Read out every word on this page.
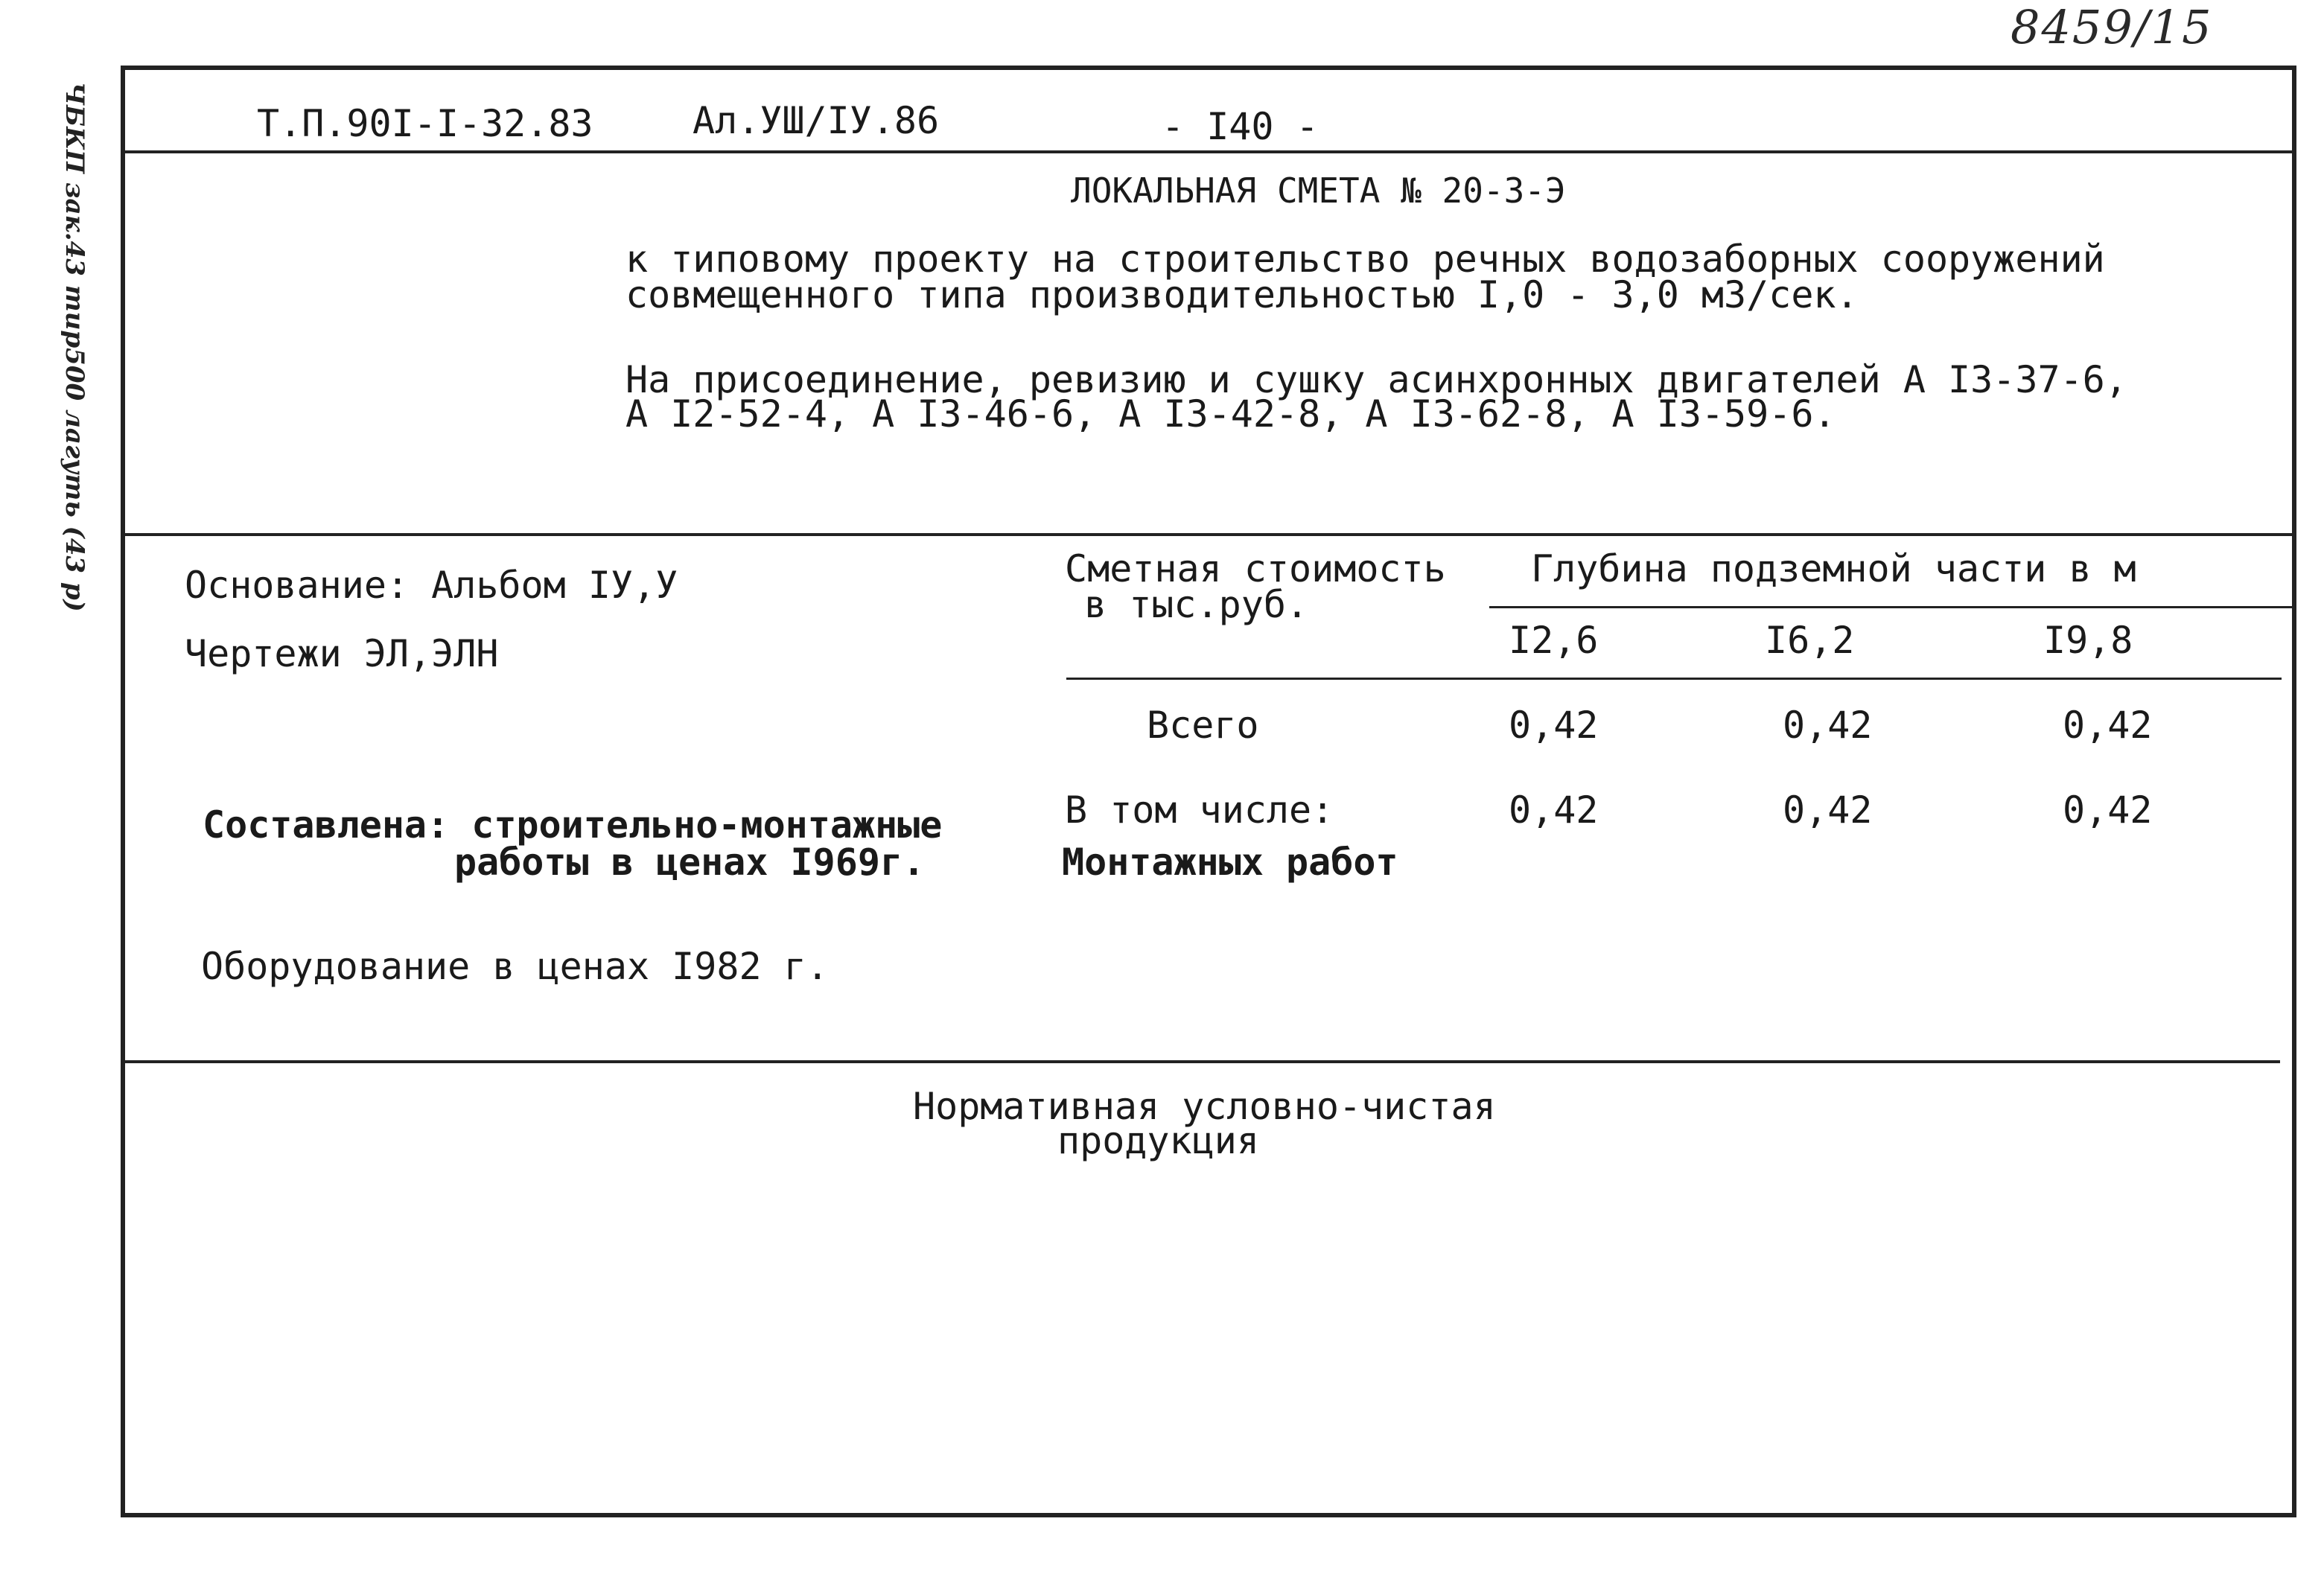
8459/15
ЧБКП зак.43 тир500 лагуть (43 р)	Т.П.90I-I-32.83	Ал.УШ/IУ.86	- I40 -
ЛОКАЛЬНАЯ СМЕТА № 20-3-Э
к типовому проекту на строительство речных водозаборных сооружений
совмещенного типа производительностью I,0 - 3,0 м3/сек.
На присоединение, ревизию и сушку асинхронных двигателей А I3-37-6,
А I2-52-4, А I3-46-6, А I3-42-8, А I3-62-8, А I3-59-6.
Основание: Альбом IУ,У
Чертежи ЭЛ,ЭЛН
Составлена: строительно-монтажные
работы в ценах I969г.
Оборудование в ценах I982 г.
Сметная стоимость
в тыс.руб.
Глубина подземной части в м
I2,6	I6,2	I9,8
Всего	0,42	0,42	0,42
В том числе:	0,42	0,42	0,42
Монтажных работ
Нормативная условно-чистая
продукция
